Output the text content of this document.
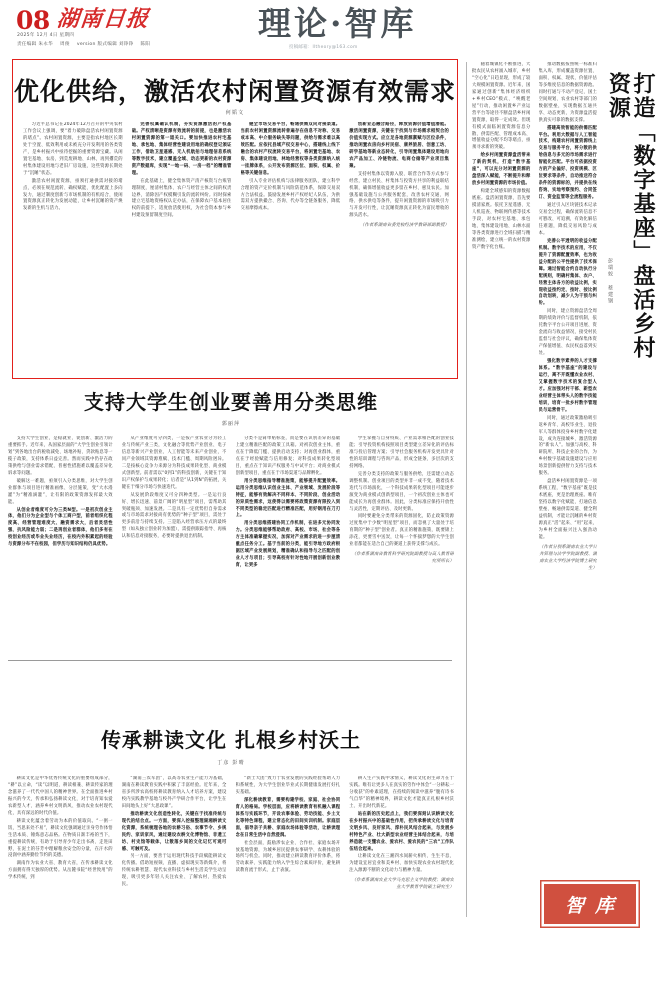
08 湖南日报
2025年 12月 4日 星期四
责任编辑 朱永华 周俊 version 版式编辑 刘铮铮 陈阳
理论·智库
投稿邮箱：lltheory@163.com
优化供给，激活农村闲置资源有效需求
何韬文

习近平总书记在2024年12月召开的中央农村工作会议上强调，要“着力破除盘活农村闲置资源的堵点”。农村闲置资源，主要是指农村地区长期处于空置、低效利用或未被充分开发利用的各类资产，是乡村振兴中亟待挖掘的重要资源宝藏。从闲置宅基地、农房，到荒废耕地、山林，再到撂荒的村集体建设用地与老旧厂房设施，这些资源长期处于“沉睡”状态。

激活农村闲置资源，亟须打通供需对接的堵点，必须在规范流转、确权赋能、优化配置上多向发力，通过制度创新与市场机制的有机结合，使闲置资源真正转化为发展动能，让乡村沉睡的资产焕发新的生机与活力。

完善权属确认机制，夯实资源激活的产权基础。产权清晰是资源有效流转的前提，也是激活农村闲置资源的第一道关口。要加快推进农村宅基地、承包地、集体经营性建设用地的确权登记颁证工作，借助卫星遥感、无人机航拍与地理信息系统等数字技术，建立覆盖全域、动态更新的农村资源资产数据库，实现“一地一码、一房一档”的精准管理。

在此基础上，健全集体资产清产核资与台账管理制度，厘清村集体、农户与经营主体之间的权责边界，消除因产权模糊引发的流转纠纷。同时探索建立宅基地资格权认定办法，在保障农户基本居住权的前提下，适度放活使用权，为社会资本参与乡村建设预留制度空间。

健全市场交易平台，畅通供需双向对接渠道。当前农村闲置资源流转普遍存在信息不对称、交易成本高、中介服务缺失等问题，供给与需求难以高效匹配。应依托县域产权交易中心，搭建线上线下融合的农村产权流转交易平台，将闲置宅基地、农房、集体建设用地、林地经营权等各类资源纳入统一挂牌体系，公开发布资源区位、面积、权属、价格等关键信息。

引入专业评估机构与法律服务团队，建立科学合理的资产定价机制与风险防范体系，保障交易双方合法权益。鼓励发展乡村产权经纪人队伍，为供需双方提供撮合、咨询、代办等全链条服务，降低交易摩擦成本。

创新业态融合路径，释放资源价值增值潜能。激活闲置资源，关键在于找到与市场需求相契合的价值实现方式。应立足各地资源禀赋与区位条件，推动闲置农房向乡村民宿、康养旅居、创意工坊、研学基地等新业态转化，引导闲置集体建设用地向农产品加工、冷链物流、电商仓储等产业项目集聚。

支持村集体以资源入股、联营合作等方式参与经营，建立村民、村集体与投资方共享的利益联结机制，确保增值收益更多留在乡村、惠及农民。加强基础设施与公共服务配套，改善农村交通、网络、供水供电等条件，提升闲置资源的市场吸引力与开发可行性，让沉睡资源真正转化为富民增收的源头活水。

（作者系湖南省委党校经济学教研部副教授）

支持大学生创业要善用分类思维
郭丽萍

支持大学生创业，是稳就业、促创新、激活力的重要抓手。近年来，从国家层面的“大学生创业引领计划”到各地出台的税收减免、场地补贴、贷款贴息等一揽子政策，支持体系日益完善。然而实践中仍存在政策供给与创业需求错配、普惠性措施难以覆盖差异化诉求等问题。

破解这一难题，亟须引入分类思维，对大学生创业群体与项目进行精准画像、分层施策，变“大水漫灌”为“精准滴灌”，让有限的政策资源发挥最大效能。

从创业者维度可分为三类N型。一是初次创业主体，他们分为企业型与个体工商户型，前者组织化程度高、经营管理难度大、融资需求大，后者灵活性强、抗风险能力弱；二是再创业者群体，他们多有在校创业经历或毕业失业经历，在校内外积累起的经验与资源分布不在校园，但学历与知识结构仍具优势。

从产业维度可分四类，一是按产业农业分为轻工业与传统产业三类，文化融合等优势产业创业、电子信息等新兴产业创业、人工智能等未来产业创业，不同产业领域其资源禀赋、技术门槛、周期风险迥异。二是按核心竞争力来源分为科技成果转化型、商业模式创新型。前者需以“0到1”的科技创新，关键在于知识产权保护与成果转化；后者是“从1到N”的拓展，关键在于细分市场与快速迭代。

从发展阶段维度又可分四种类型。一是运行良好、增长迅速、前景广阔的“明星型”项目，需帮助其突破瓶颈、加速发展。二是具有一定优势但自身需求或与市场需求对接尚有优势的“种子型”项目，需处于更多前沿与持续支持。三是陷入经营承压方式的最终型（如从独立创业转为加盟），需提供跟踪指导、再核认和信息对接服务，必要时提供退出机制。

分类不是简单贴标签，而是要在识别差异的基础上建立精准匹配的政策工具箱。对初次创业主体，重点在于降低门槛、提供启动支持；对再创业群体，重点在于经验赋能与信用修复；对科技成果转化型项目，重点在于知识产权服务与中试平台；对商业模式创新型项目，重点在于市场渠道与品牌孵化。

用分类思维指导精准施策，能够提升配置效率。运用分类思维认识创业主体、产业领域、发展阶段等特征，能够有效解决不同样本、不同阶段、创业活动的异质性需求，这使得以需要将政策资源有限投入到不同类型的稳定匹配进行精准匹配，用好钢用在刀刃上。

用分类思维搭建协同工作机制，在进多元协同发力。分类思维能够帮助政府、高校、市场、社会等各方主体准确掌握实况，加深对产业需求的进一步厘清重点任务分工。基于当前的分类，能引导地方政府根据区域产业发展规划，精准确认和指导与之匹配的创业人才与项目；引导高校有针对性地开展创新创业教育，让更多

学生掌握与自身特质、产业需求相匹配的创业技能；引导投资机构按照项目类型建立差异化的评估标准与投后管理方案；引导社会服务机构开发更具针对性的培训课程与咨询产品，形成全链条、多层次的支持网络。

完善分类支持的政策与服务供给，还需建立动态调整机制。创业项目的类型并非一成不变，随着技术迭代与市场演化，一个科技成果转化型项目可能逐步演变为商业模式创新型项目，一个初次创业主体也可能成长为再创业群体。因此，分类标准应保持开放性与灵活性，定期评估、及时更新。

同时要避免分类带来的资源固化，防止政策资源过度集中于少数“明星型”项目，而忽视了大量处于培育期的“种子型”创业者。真正的精准施策，既要锦上添花，更要雪中送炭，让每一个怀揣梦想的大学生创业者都能在适合自己的赛道上获得支撑与成长。

（作者系湖南省教育科学研究院副教授与高人教育研究所所长）

传承耕读文化 扎根乡村沃土
丁彦 彭晴

耕读文化是中华优秀传统文化的重要组成部分，“耕”以立命，“读”以明道，耕读相兼、耕读传家的理念滋养了一代代中国人的精神世界。在全面推进乡村振兴的今天，传承和弘扬耕读文化，对于培育知农爱农新型人才、涵养乡村文明新风、推动农业农村现代化，具有深远的时代价值。

耕读文化蕴含着劳动为本的价值取向。“一粥一饭，当思来处不易”，耕读文化强调通过亲身劳作体悟生活本质、锤炼意志品格。在物质日渐丰裕的当下，重提耕读传统，有助于引导青少年走出书斋、走进田野，在泥土的芬芳中理解粮食安全的分量，在汗水的浸润中涵养勤俭节约的美德。

湖南作为农业大省、教育大省，在传承耕读文化方面拥有得天独厚的优势。从岳麓书院“经世致用”的学术传统，到

“湖南三农军团”，以高等农业生产能力为基础，湖南在耕读教育实践中积累了丰富经验。近年来，全省多所涉农高校将耕读教育纳入人才培养方案，建设校内实践教学基地与校外产学研合作平台，让学生在田间地头上好“大思政课”。

推动耕读文化创造性转化，关键在于找准传统与现代的结合点。一方面，要深入挖掘整理湖湘耕读文化资源，系统梳理各地的农耕习俗、农事节令、乡规民约、家训家风，通过建设农耕文化博物馆、非遗工坊、村史馆等载体，让散落乡间的文化记忆可观可感、可触可及。

另一方面，要善于运用现代科技手段赋能耕读文化传播。借助短视频、直播、虚拟现实等新媒介，将传统农耕智慧、现代农业科技与乡村生活美学生动呈现，吸引更多年轻人关注农业、了解农村、热爱农民。

“新士大团”致力于农业发展的实践经验帮助人力和系统性，为大学生创业毕业式长期健康发展打好扎实基础。

深化耕读教育，需要构建学校、家庭、社会协同育人的格局。学校层面，应将耕读教育有机融入课程体系与实践环节，开设农事体验、劳动技能、乡土文化等特色课程，建立常态化的田间实训机制。家庭层面，倡导亲子共耕、家庭农场体验等活动，让耕读理念在日常生活中自然浸润。

社会层面，鼓励涉农企业、合作社、家庭农场开放基地资源，为城乡居民提供农事研学、农耕体验的场所与机会。同时，推动建立耕读教育评价体系，将劳动素养、实践能力纳入学生综合素质评价，避免耕读教育流于形式、止于表演。

耕人生产实践中求情义，耕读文化的生命力在于实践。唯有让更多人在真实的劳作中体会“一分耕耘一分收获”的朴素道理，在持续的阅读中滋养“腹有诗书气自华”的精神境界，耕读文化才能真正扎根乡村沃土、开出时代新花。

站在新的历史起点上，我们要深刻认识耕读文化在乡村振兴中的基础性作用，把传承耕读文化与培育文明乡风、良好家风、淳朴民风结合起来，与发展乡村特色产业、壮大新型农业经营主体结合起来，与培养造就一支懂农业、爱农村、爱农民的“三农”工作队伍结合起来。

让耕读文化在三湘四水间薪火相传、生生不息，为建设宜居宜业和美乡村、加快实现农业农村现代化注入源源不断的文化动力与精神力量。

（作者系湖南农业大学马克思主义学院教授；湖南农业大学教育学院硕士研究生）

随着城镇化不断推进，大批农民从农村涌入城市，乡村“空心化”日趋显现，形成了较大规模闲置资源。近年来，国家通过创新“集体经济组织+乡村CEO”模式、“唤醒老屋”行动，推动闲置乡产业运营平台等途径不断盘活乡村闲置资源，取得一定成效。但现有模式面临闲置资源信息分散、供需匹配、管理成本高、增值收益分配不均等堵点，亟须寻求新的突破。

给乡村闲置资源盘活带来了新的契机，打造“数字基座”，可以充分对闲置资源的盘活深入赋能，不断提升和释放乡村闲置资源的市场价值。

构建全域感知的资源数据底座。盘活闲置资源，首先要摸清家底。依托卫星遥感、无人机巡查、物联网传感等技术手段，对农村宅基地、承包地、集体建设用地、山林水面等各类资源进行全域扫描与精准测绘，建立统一的农村资源资产数字化台账。

推动数据按照统一标准归集入库，形成覆盖资源位置、面积、权属、现状、价值评估等多维度信息的数据资源池。同时打通与不动产登记、国土空间规划、农业农村等部门的数据壁垒，实现数据互通共享、动态更新，为资源盘活提供真实可靠的数据支撑。

搭建高效智能的供需匹配平台。利用大数据与人工智能技术，构建农村闲置资源线上交易与服务平台，将分散的供给信息与多元的市场需求进行智能化匹配。平台可依据投资方的产业偏好、投资规模、区位要求等条件，自动推送符合条件的资源标的，并提供在线咨询、实地考察预约、合同签订、资金监管等全流程服务。

通过引入区块链技术记录交易全过程，确保流转信息不可篡改、可追溯，有效化解信任难题，降低交易风险与成本。

完善公平透明的收益分配机制。数字技术的应用，不仅提升了资源配置效率，也为收益分配的公平性提供了技术保障。通过智能合约自动执行分配规则，明确村集体、农户、经营主体各方的收益比例，实现收益按约定、按时、按比例自动划转，减少人为干预与纠纷。

同时，建立资源盘活全周期的绩效评价与监督机制，依托数字平台公开项目进展、资金流向与收益情况，接受村民监督与社会评议，确保集体资产保值增值、农民权益落到实处。

强化数字素养的人才支撑体系。“数字基座”的建设与运行，离不开既懂农业农村、又掌握数字技术的复合型人才。应加强对村干部、新型农业经营主体带头人的数字技能培训，培育一批乡村数字管理员与运营骨干。

同时，通过政策激励吸引返乡青年、高校毕业生、退役军人等群体投身乡村数字化建设，成为连接城乡、激活资源的“新农人”。加强与高校、科研院所、科技企业的合作，为乡村数字基础设施建设与应用场景创新提供智力支持与技术服务。

盘活乡村闲置资源是一项系统工程，“数字基座”既是技术底座，更是治理底座。唯有坚持以数字化赋能，打通信息壁垒、畅通供需渠道、健全利益机制，才能让沉睡的乡村资源真正“活”起来、“用”起来，为乡村全面振兴注入强劲动能。

（作者分别系湖南农业大学公共管理与法学学院副教授、湖南农业大学经济学院博士研究生）

打造「数字基座」盘活乡村资源
彭瑞姣 蔡建钢
智 库
